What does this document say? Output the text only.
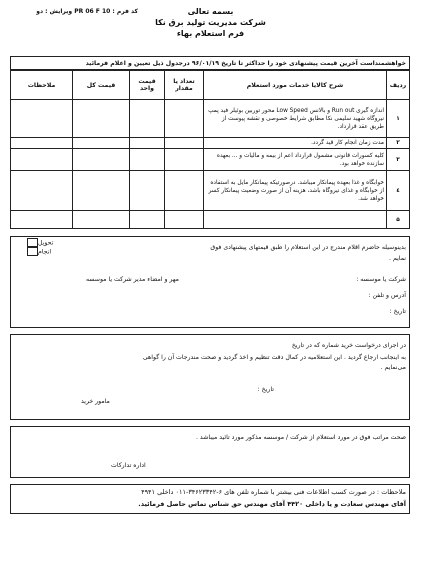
بسمه تعالی
شرکت مدیریت تولید برق نکا
فرم استعلام بهاء
کد فرم : PR 06 F 10 ویرایش : دو
خواهشمنداست آخرین قیمت پیشنهادی خود را حداکثر تا تاریخ ۹۶/۰۱/۱۹ درجدول ذیل تعیین و اعلام فرمائید
ردیف	شرح کالایا خدمات مورد استعلام	تعداد یا مقدار	قیمت واحد	قیمت کل	ملاحظات
۱	اندازه گیری Run out و بالانس Low Speed محور توربین بوئیلر فید پمپ نیروگاه شهید سلیمی نکا مطابق شرایط خصوصی و نقشه پیوست از طریق عقد قرارداد.				
۲	مدت زمان انجام کار قید گردد.				
۳	کلیه کسورات قانونی مشمول قرارداد اعم از بیمه و مالیات و ... بعهده سازنده خواهد بود.				
٤	خوابگاه و غذا بعهده پیمانکار میباشد. درصورتیکه پیمانکار مایل به استفاده از خوابگاه و غذای نیروگاه باشد، هزینه آن از صورت وضعیت پیمانکار کسر خواهد شد.				
۵					
بدینوسیله حاضرم اقلام مندرج در این استعلام را طبق قیمتهای پیشنهادی فوق
تحویل
انجام
نمایم .
شرکت یا موسسه :
مهر و امضاء مدیر شرکت یا موسسه
آدرس و تلفن :
تاریخ :
در اجرای درخواست خرید شماره که در تاریخ
به اینجانب ارجاع گردید . این استعلامیه در کمال دقت تنظیم و اخذ گردید و صحت مندرجات آن را گواهی
می‌نمایم .
تاریخ :
مامور خرید
صحت مراتب فوق در مورد استعلام از شرکت / موسسه مذکور مورد تائید میباشد .
اداره تدارکات
ملاحظات : در صورت کسب اطلاعات فنی بیشتر با شماره تلفن های ۶-۳۴۶۲۳۳۴۲-۰۱۱ داخلی ۴۹۴۱
آقای مهندس سعادت و یا داخلی ۴۴۲۰ آقای مهندس حق شناس تماس حاصل فرمائید.
